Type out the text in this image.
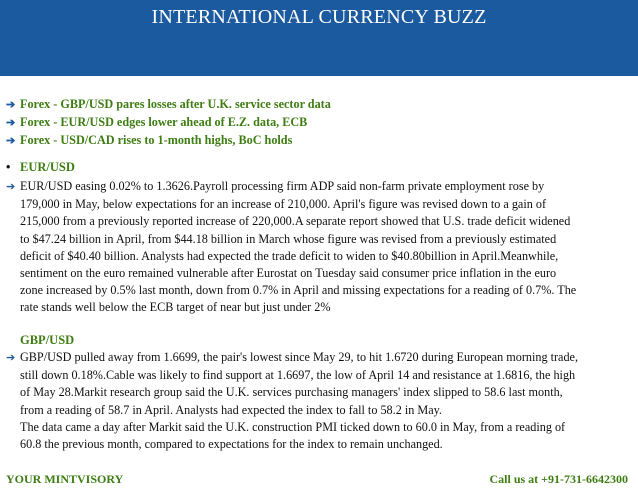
INTERNATIONAL CURRENCY BUZZ
➔ Forex - GBP/USD pares losses after U.K. service sector data
➔ Forex - EUR/USD edges lower ahead of E.Z. data, ECB
➔ Forex - USD/CAD rises to 1-month highs, BoC holds
• EUR/USD
➔ EUR/USD easing 0.02% to 1.3626.Payroll processing firm ADP said non-farm private employment rose by
179,000 in May, below expectations for an increase of 210,000. April's figure was revised down to a gain of
215,000 from a previously reported increase of 220,000.A separate report showed that U.S. trade deficit widened
to $47.24 billion in April, from $44.18 billion in March whose figure was revised from a previously estimated
deficit of $40.40 billion. Analysts had expected the trade deficit to widen to $40.80billion in April.Meanwhile,
sentiment on the euro remained vulnerable after Eurostat on Tuesday said consumer price inflation in the euro
zone increased by 0.5% last month, down from 0.7% in April and missing expectations for a reading of 0.7%. The
rate stands well below the ECB target of near but just under 2%
GBP/USD
➔ GBP/USD pulled away from 1.6699, the pair's lowest since May 29, to hit 1.6720 during European morning trade,
still down 0.18%.Cable was likely to find support at 1.6697, the low of April 14 and resistance at 1.6816, the high
of May 28.Markit research group said the U.K. services purchasing managers' index slipped to 58.6 last month,
from a reading of 58.7 in April. Analysts had expected the index to fall to 58.2 in May.
The data came a day after Markit said the U.K. construction PMI ticked down to 60.0 in May, from a reading of
60.8 the previous month, compared to expectations for the index to remain unchanged.
YOUR MINTVISORY	Call us at +91-731-6642300
